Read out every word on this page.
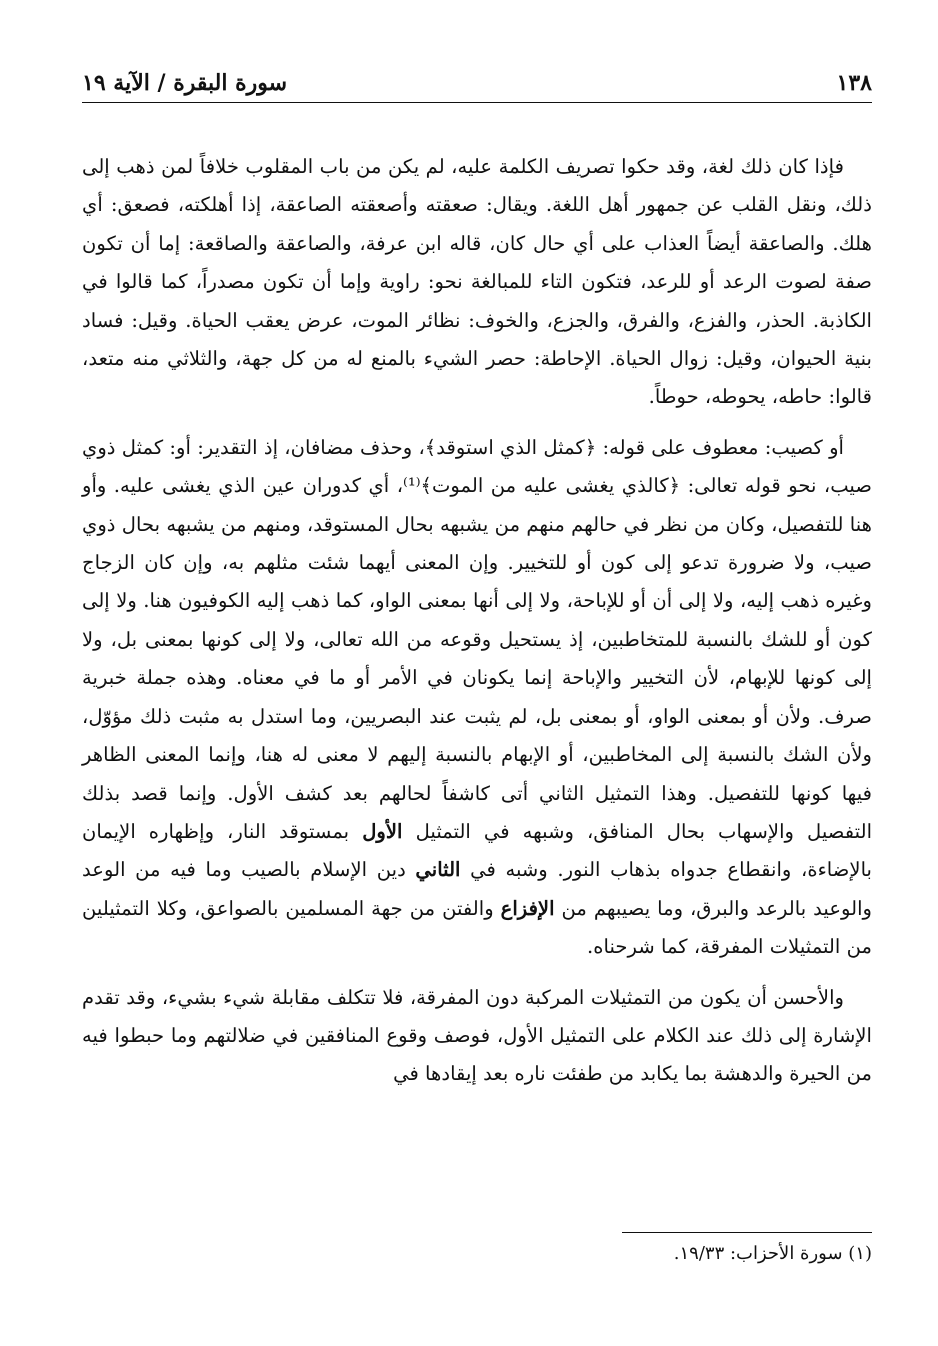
١٣٨
سورة البقرة / الآية ١٩

فإذا كان ذلك لغة، وقد حكوا تصريف الكلمة عليه، لم يكن من باب المقلوب خلافاً لمن ذهب إلى ذلك، ونقل القلب عن جمهور أهل اللغة. ويقال: صعقته وأصعقته الصاعقة، إذا أهلكته، فصعق: أي هلك. والصاعقة أيضاً العذاب على أي حال كان، قاله ابن عرفة، والصاعقة والصاقعة: إما أن تكون صفة لصوت الرعد أو للرعد، فتكون التاء للمبالغة نحو: راوية وإما أن تكون مصدراً، كما قالوا في الكاذبة. الحذر، والفزع، والفرق، والجزع، والخوف: نظائر الموت، عرض يعقب الحياة. وقيل: فساد بنية الحيوان، وقيل: زوال الحياة. الإحاطة: حصر الشيء بالمنع له من كل جهة، والثلاثي منه متعد، قالوا: حاطه، يحوطه، حوطاً.

أو كصيب: معطوف على قوله: ﴿كمثل الذي استوقد﴾، وحذف مضافان، إذ التقدير: أو: كمثل ذوي صيب، نحو قوله تعالى: ﴿كالذي يغشى عليه من الموت﴾⁽¹⁾، أي كدوران عين الذي يغشى عليه. وأو هنا للتفصيل، وكان من نظر في حالهم منهم من يشبهه بحال المستوقد، ومنهم من يشبهه بحال ذوي صيب، ولا ضرورة تدعو إلى كون أو للتخيير. وإن المعنى أيهما شئت مثلهم به، وإن كان الزجاج وغيره ذهب إليه، ولا إلى أن أو للإباحة، ولا إلى أنها بمعنى الواو، كما ذهب إليه الكوفيون هنا. ولا إلى كون أو للشك بالنسبة للمتخاطبين، إذ يستحيل وقوعه من الله تعالى، ولا إلى كونها بمعنى بل، ولا إلى كونها للإبهام، لأن التخيير والإباحة إنما يكونان في الأمر أو ما في معناه. وهذه جملة خبرية صرف. ولأن أو بمعنى الواو، أو بمعنى بل، لم يثبت عند البصريين، وما استدل به مثبت ذلك مؤوّل، ولأن الشك بالنسبة إلى المخاطبين، أو الإبهام بالنسبة إليهم لا معنى له هنا، وإنما المعنى الظاهر فيها كونها للتفصيل. وهذا التمثيل الثاني أتى كاشفاً لحالهم بعد كشف الأول. وإنما قصد بذلك التفصيل والإسهاب بحال المنافق، وشبهه في التمثيل الأول بمستوقد النار، وإظهاره الإيمان بالإضاءة، وانقطاع جدواه بذهاب النور. وشبه في الثاني دين الإسلام بالصيب وما فيه من الوعد والوعيد بالرعد والبرق، وما يصيبهم من الإفزاع والفتن من جهة المسلمين بالصواعق، وكلا التمثيلين من التمثيلات المفرقة، كما شرحناه.

والأحسن أن يكون من التمثيلات المركبة دون المفرقة، فلا تتكلف مقابلة شيء بشيء، وقد تقدم الإشارة إلى ذلك عند الكلام على التمثيل الأول، فوصف وقوع المنافقين في ضلالتهم وما حبطوا فيه من الحيرة والدهشة بما يكابد من طفئت ناره بعد إيقادها في

(١) سورة الأحزاب: ١٩/٣٣.
